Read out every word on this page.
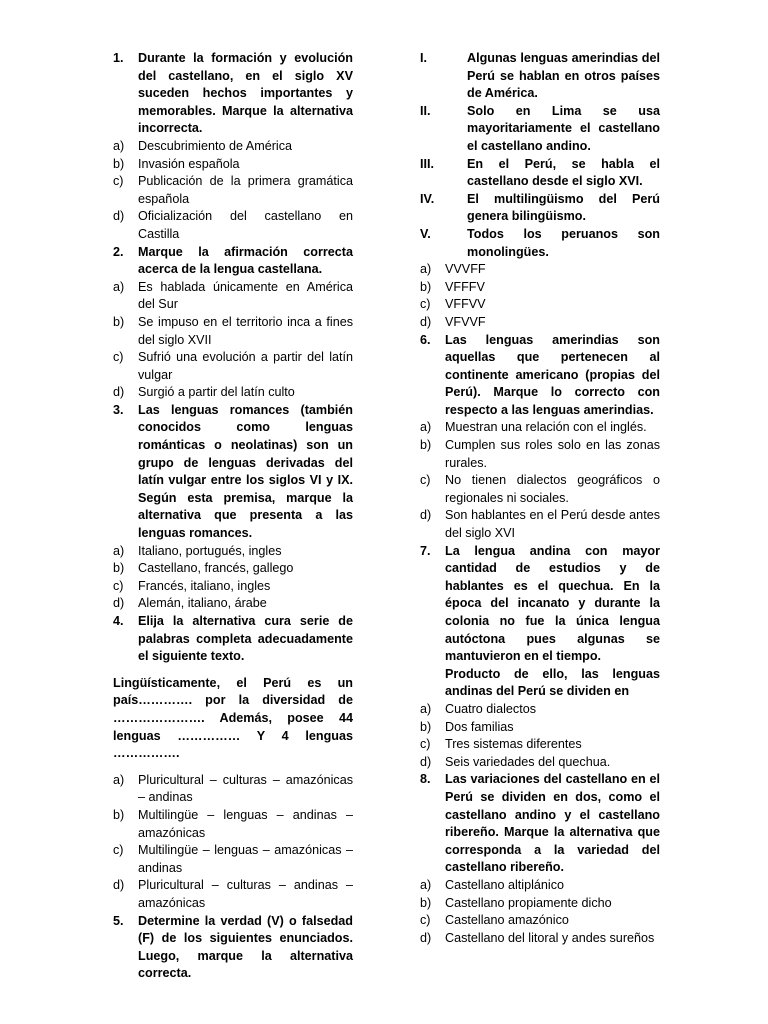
1.	Durante la formación y evolución del castellano, en el siglo XV suceden hechos importantes y memorables. Marque la alternativa incorrecta.
a)	Descubrimiento de América
b)	Invasión española
c)	Publicación de la primera gramática española
d)	Oficialización del castellano en Castilla
2.	Marque la afirmación correcta acerca de la lengua castellana.
a)	Es hablada únicamente en América del Sur
b)	Se impuso en el territorio inca a fines del siglo XVII
c)	Sufrió una evolución a partir del latín vulgar
d)	Surgió a partir del latín culto
3.	Las lenguas romances (también conocidos como lenguas románticas o neolatinas) son un grupo de lenguas derivadas del latín vulgar entre los siglos VI y IX. Según esta premisa, marque la alternativa que presenta a las lenguas romances.
a)	Italiano, portugués, ingles
b)	Castellano, francés, gallego
c)	Francés, italiano, ingles
d)	Alemán, italiano, árabe
4.	Elija la alternativa cura serie de palabras completa adecuadamente el siguiente texto.
Lingüísticamente, el Perú es un país…………. por la diversidad de …………………. Además, posee 44 lenguas …………… Y 4 lenguas …………….
a)	Pluricultural – culturas – amazónicas – andinas
b)	Multilingüe – lenguas – andinas – amazónicas
c)	Multilingüe – lenguas – amazónicas – andinas
d)	Pluricultural – culturas – andinas – amazónicas
5.	Determine la verdad (V) o falsedad (F) de los siguientes enunciados. Luego, marque la alternativa correcta.
I.	Algunas lenguas amerindias del Perú se hablan en otros países de América.
II.	Solo en Lima se usa mayoritariamente el castellano el castellano andino.
III.	En el Perú, se habla el castellano desde el siglo XVI.
IV.	El multilingüismo del Perú genera bilingüismo.
V.	Todos los peruanos son monolingües.
a)	VVVFF
b)	VFFFV
c)	VFFVV
d)	VFVVF
6.	Las lenguas amerindias son aquellas que pertenecen al continente americano (propias del Perú). Marque lo correcto con respecto a las lenguas amerindias.
a)	Muestran una relación con el inglés.
b)	Cumplen sus roles solo en las zonas rurales.
c)	No tienen dialectos geográficos o regionales ni sociales.
d)	Son hablantes en el Perú desde antes del siglo XVI
7.	La lengua andina con mayor cantidad de estudios y de hablantes es el quechua. En la época del incanato y durante la colonia no fue la única lengua autóctona pues algunas se mantuvieron en el tiempo.
Producto de ello, las lenguas andinas del Perú se dividen en
a)	Cuatro dialectos
b)	Dos familias
c)	Tres sistemas diferentes
d)	Seis variedades del quechua.
8.	Las variaciones del castellano en el Perú se dividen en dos, como el castellano andino y el castellano ribereño. Marque la alternativa que corresponda a la variedad del castellano ribereño.
a)	Castellano altiplánico
b)	Castellano propiamente dicho
c)	Castellano amazónico
d)	Castellano del litoral y andes sureños
